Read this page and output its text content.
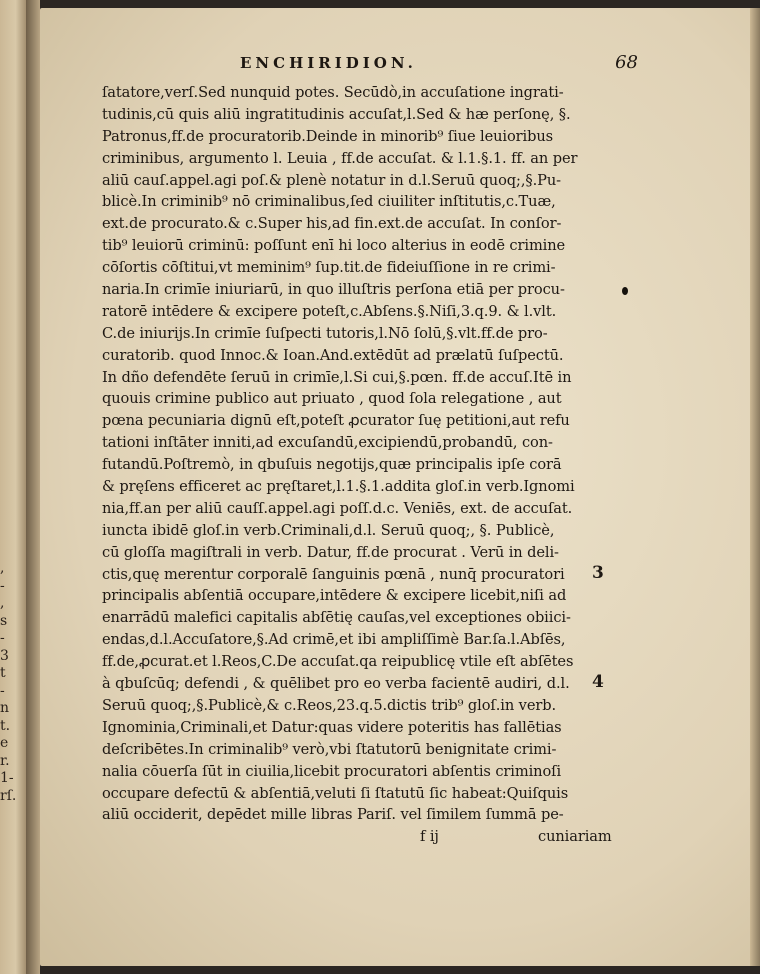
,
-
,
s
-
3
t
-
n
t.
e
r.
1-
rſ.
ENCHIRIDION.	68
ſatatore,verſ.Sed nunquid potes. Secūdò,in accuſatione ingrati-
tudinis,cū quis aliū ingratitudinis accuſat,l.Sed & hæ perſonę, §.
Patronus,ff.de procuratorib.Deinde in minorib⁹ ſiue leuioribus
criminibus, argumento l. Leuia , ff.de accuſat. & l.1.§.1. ff. an per
aliū cauſ.appel.agi poſ.& plenè notatur in d.l.Seruū quoq;,§.Pu-
blicè.In criminib⁹ nō criminalibus,ſed ciuiliter inſtitutis,c.Tuæ,
ext.de procurato.& c.Super his,ad fin.ext.de accuſat. In conſor-
tib⁹ leuiorū criminū: poſſunt enī hi loco alterius in eodē crimine
cōſortis cōſtitui,vt meminim⁹ ſup.tit.de fideiuſſione in re crimi-
naria.In crimīe iniuriarū, in quo illuſtris perſona etiā per procu-
ratorē intēdere & excipere poteſt,c.Abſens.§.Niſi,3.q.9. & l.vlt.
C.de iniurijs.In crimīe ſuſpecti tutoris,l.Nō ſolū,§.vlt.ff.de pro-
curatorib. quod Innoc.& Ioan.And.extēdūt ad prælatū ſuſpectū.
In dño defendēte ſeruū in crimīe,l.Si cui,§.pœn. ff.de accuſ.Itē in
quouis crimine publico aut priuato , quod ſola relegatione , aut
pœna pecuniaria dignū eſt,poteſt ꝓcurator ſuę petitioni,aut refu
tationi inſtāter inniti,ad excuſandū,excipiendū,probandū, con-
futandū.Poſtremò, in qbuſuis negotijs,quæ principalis ipſe corā
& pręſens efficeret ac pręſtaret,l.1.§.1.addita gloſ.in verb.Ignomi
nia,ff.an per aliū cauſſ.appel.agi poſſ.d.c. Veniēs, ext. de accuſat.
iuncta ibidē gloſ.in verb.Criminali,d.l. Seruū quoq;, §. Publicè,
cū gloſſa magiſtrali in verb. Datur, ff.de procurat . Verū in deli-
ctis,quę merentur corporalē ſanguinis pœnā , nunq̄ procuratori
principalis abſentiā occupare,intēdere & excipere licebit,niſi ad
enarrādū malefici capitalis abſētię cauſas,vel exceptiones obiici-
endas,d.l.Accuſatore,§.Ad crimē,et ibi ampliſſimè Bar.ſa.l.Abſēs,
ff.de,ꝓcurat.et l.Reos,C.De accuſat.qa reipublicę vtile eſt abſētes
à qbuſcūq; defendi , & quēlibet pro eo verba facientē audiri, d.l.
Seruū quoq;,§.Publicè,& c.Reos,23.q.5.dictis trib⁹ gloſ.in verb.
Ignominia,Criminali,et Datur:quas videre poteritis has fallētias
deſcribētes.In criminalib⁹ verò,vbi ſtatutorū benignitate crimi-
nalia cōuerſa ſūt in ciuilia,licebit procuratori abſentis criminoſi
occupare defectū & abſentiā,veluti ſi ſtatutū ſic habeat:Quiſquis
aliū occiderit, depēdet mille libras Pariſ. vel ſimilem ſummā pe-
f ij	cuniariam
3
4
